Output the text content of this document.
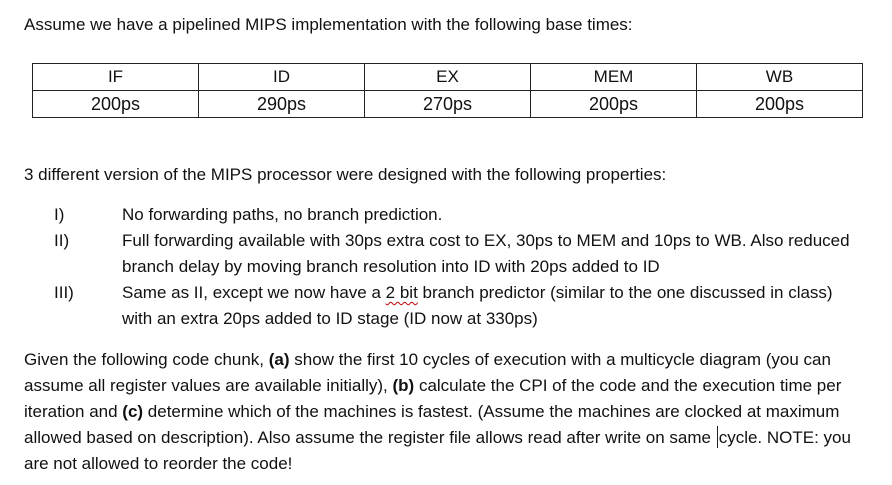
Assume we have a pipelined MIPS implementation with the following base times:

IF	ID	EX	MEM	WB
200ps	290ps	270ps	200ps	200ps

3 different version of the MIPS processor were designed with the following properties:

I)	No forwarding paths, no branch prediction.
II)	Full forwarding available with 30ps extra cost to EX, 30ps to MEM and 10ps to WB. Also reduced branch delay by moving branch resolution into ID with 20ps added to ID
III)	Same as II, except we now have a 2 bit branch predictor (similar to the one discussed in class) with an extra 20ps added to ID stage (ID now at 330ps)

Given the following code chunk, (a) show the first 10 cycles of execution with a multicycle diagram (you can assume all register values are available initially), (b) calculate the CPI of the code and the execution time per iteration and (c) determine which of the machines is fastest. (Assume the machines are clocked at maximum allowed based on description). Also assume the register file allows read after write on same cycle. NOTE: you are not allowed to reorder the code!
